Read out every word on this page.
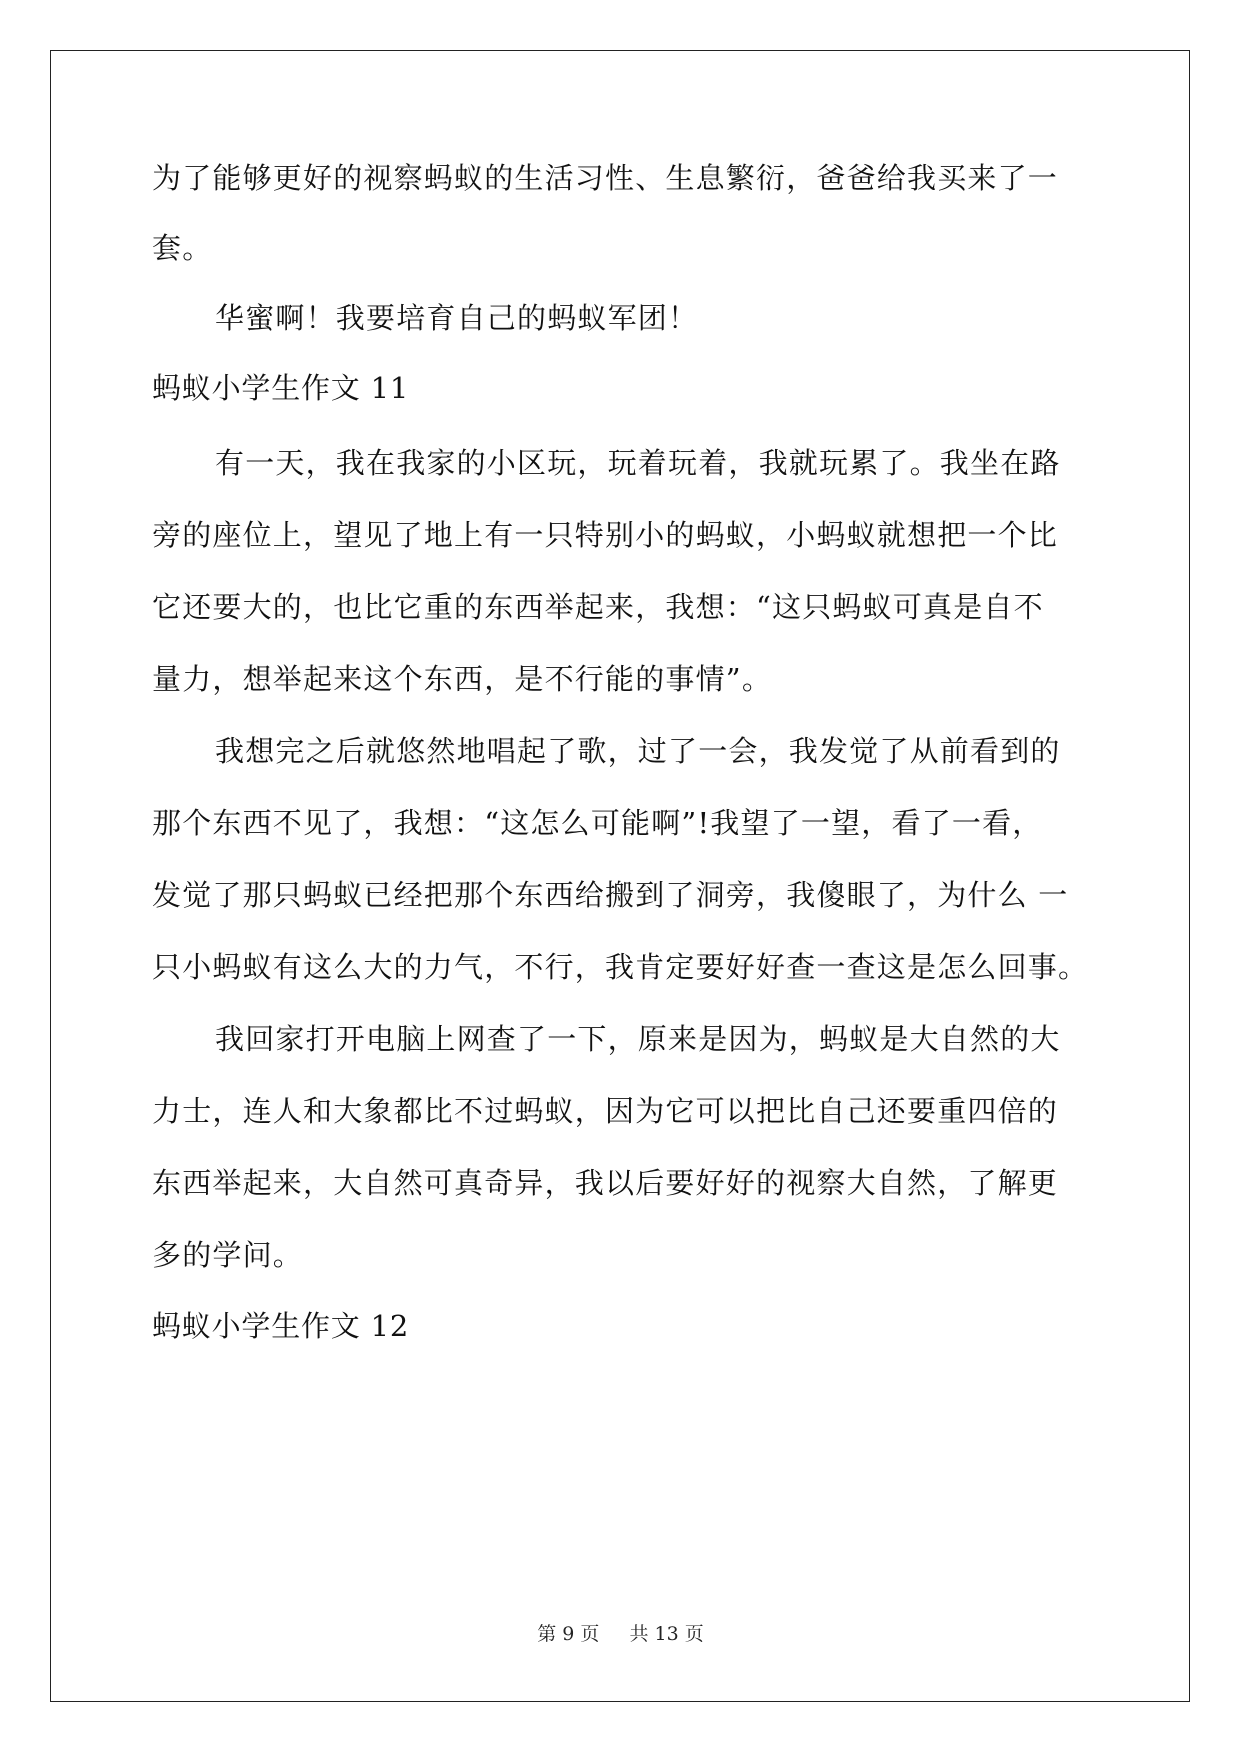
为了能够更好的视察蚂蚁的生活习性、生息繁衍，爸爸给我买来了一
套。
华蜜啊！我要培育自己的蚂蚁军团！
蚂蚁小学生作文 11
有一天，我在我家的小区玩，玩着玩着，我就玩累了。我坐在路
旁的座位上，望见了地上有一只特别小的蚂蚁，小蚂蚁就想把一个比
它还要大的，也比它重的东西举起来，我想：“这只蚂蚁可真是自不
量力，想举起来这个东西，是不行能的事情”。
我想完之后就悠然地唱起了歌，过了一会，我发觉了从前看到的
那个东西不见了，我想：“这怎么可能啊”!我望了一望，看了一看，
发觉了那只蚂蚁已经把那个东西给搬到了洞旁，我傻眼了，为什么 一
只小蚂蚁有这么大的力气，不行，我肯定要好好查一查这是怎么回事。
我回家打开电脑上网查了一下，原来是因为，蚂蚁是大自然的大
力士，连人和大象都比不过蚂蚁，因为它可以把比自己还要重四倍的
东西举起来，大自然可真奇异，我以后要好好的视察大自然，了解更
多的学问。
蚂蚁小学生作文 12
第 9 页 共 13 页
